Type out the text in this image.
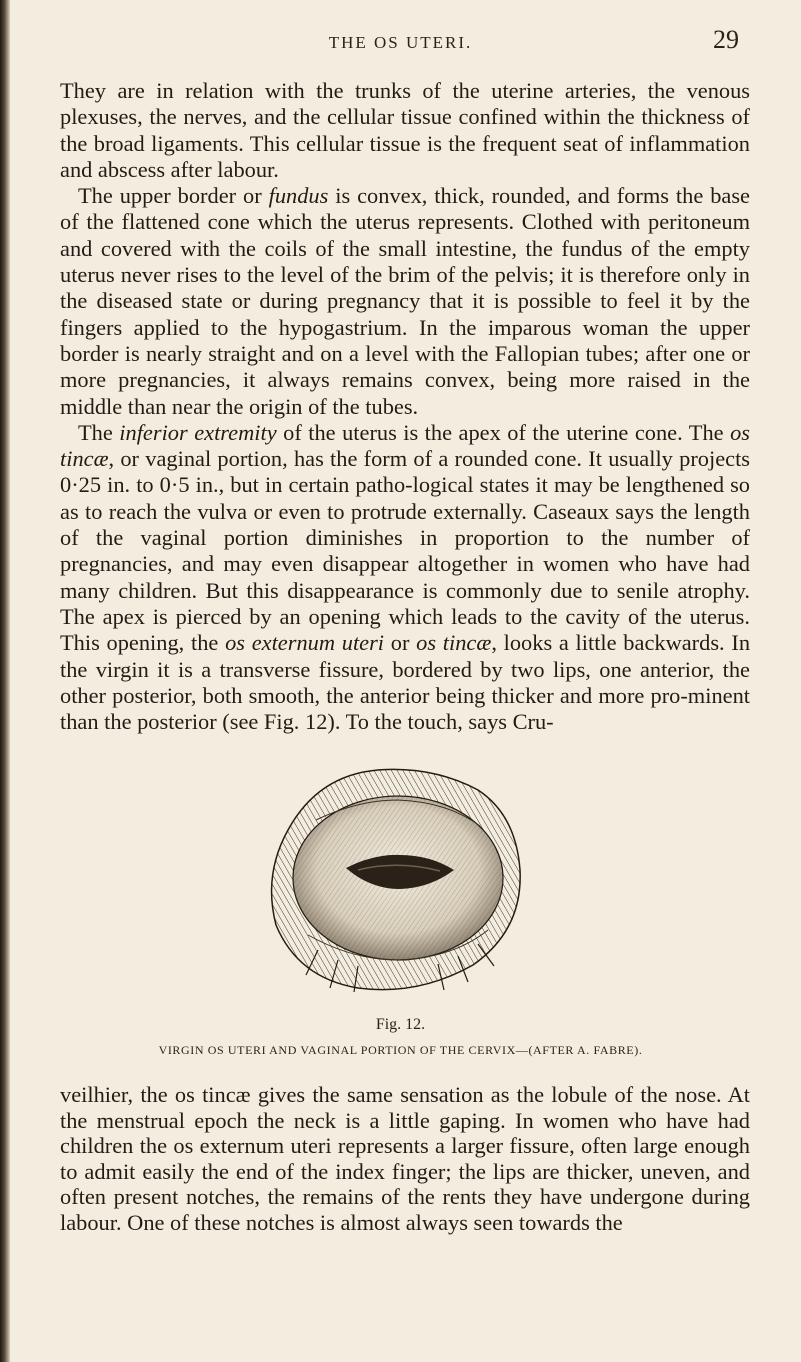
THE OS UTERI.	29

They are in relation with the trunks of the uterine arteries, the venous plexuses, the nerves, and the cellular tissue confined within the thickness of the broad ligaments. This cellular tissue is the frequent seat of inflammation and abscess after labour.

The upper border or fundus is convex, thick, rounded, and forms the base of the flattened cone which the uterus represents. Clothed with peritoneum and covered with the coils of the small intestine, the fundus of the empty uterus never rises to the level of the brim of the pelvis; it is therefore only in the diseased state or during pregnancy that it is possible to feel it by the fingers applied to the hypogastrium. In the imparous woman the upper border is nearly straight and on a level with the Fallopian tubes; after one or more pregnancies, it always remains convex, being more raised in the middle than near the origin of the tubes.

The inferior extremity of the uterus is the apex of the uterine cone. The os tincæ, or vaginal portion, has the form of a rounded cone. It usually projects 0·25 in. to 0·5 in., but in certain patho-logical states it may be lengthened so as to reach the vulva or even to protrude externally. Caseaux says the length of the vaginal portion diminishes in proportion to the number of pregnancies, and may even disappear altogether in women who have had many children. But this disappearance is commonly due to senile atrophy. The apex is pierced by an opening which leads to the cavity of the uterus. This opening, the os externum uteri or os tincæ, looks a little backwards. In the virgin it is a transverse fissure, bordered by two lips, one anterior, the other posterior, both smooth, the anterior being thicker and more pro-minent than the posterior (see Fig. 12). To the touch, says Cru-

Fig. 12.
VIRGIN OS UTERI AND VAGINAL PORTION OF THE CERVIX—(AFTER A. FABRE).

veilhier, the os tincæ gives the same sensation as the lobule of the nose. At the menstrual epoch the neck is a little gaping. In women who have had children the os externum uteri represents a larger fissure, often large enough to admit easily the end of the index finger; the lips are thicker, uneven, and often present notches, the remains of the rents they have undergone during labour. One of these notches is almost always seen towards the
